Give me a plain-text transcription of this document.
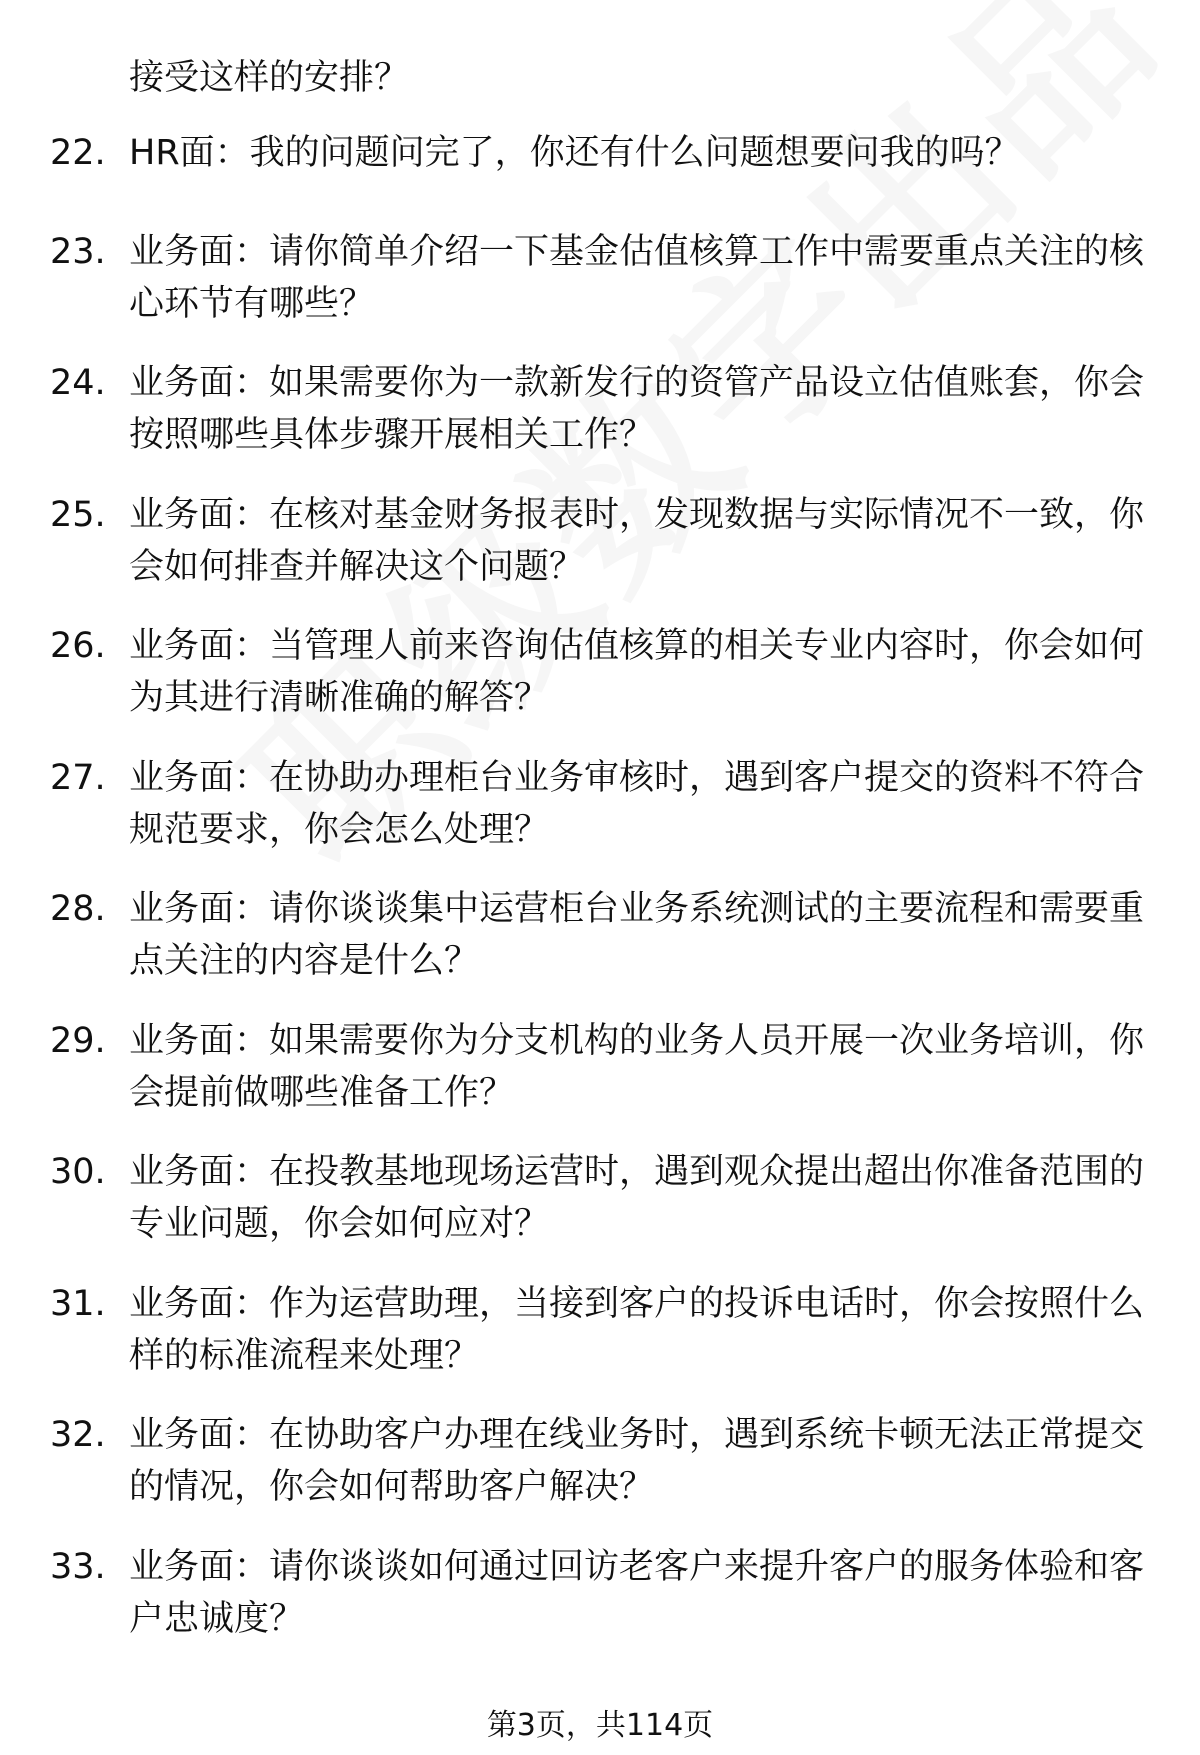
接受这样的安排？

22. HR面：我的问题问完了，你还有什么问题想要问我的吗？

23. 业务面：请你简单介绍一下基金估值核算工作中需要重点关注的核心环节有哪些？

24. 业务面：如果需要你为一款新发行的资管产品设立估值账套，你会按照哪些具体步骤开展相关工作？

25. 业务面：在核对基金财务报表时，发现数据与实际情况不一致，你会如何排查并解决这个问题？

26. 业务面：当管理人前来咨询估值核算的相关专业内容时，你会如何为其进行清晰准确的解答？

27. 业务面：在协助办理柜台业务审核时，遇到客户提交的资料不符合规范要求，你会怎么处理？

28. 业务面：请你谈谈集中运营柜台业务系统测试的主要流程和需要重点关注的内容是什么？

29. 业务面：如果需要你为分支机构的业务人员开展一次业务培训，你会提前做哪些准备工作？

30. 业务面：在投教基地现场运营时，遇到观众提出超出你准备范围的专业问题，你会如何应对？

31. 业务面：作为运营助理，当接到客户的投诉电话时，你会按照什么样的标准流程来处理？

32. 业务面：在协助客户办理在线业务时，遇到系统卡顿无法正常提交的情况，你会如何帮助客户解决？

33. 业务面：请你谈谈如何通过回访老客户来提升客户的服务体验和客户忠诚度？

第3页，共114页
